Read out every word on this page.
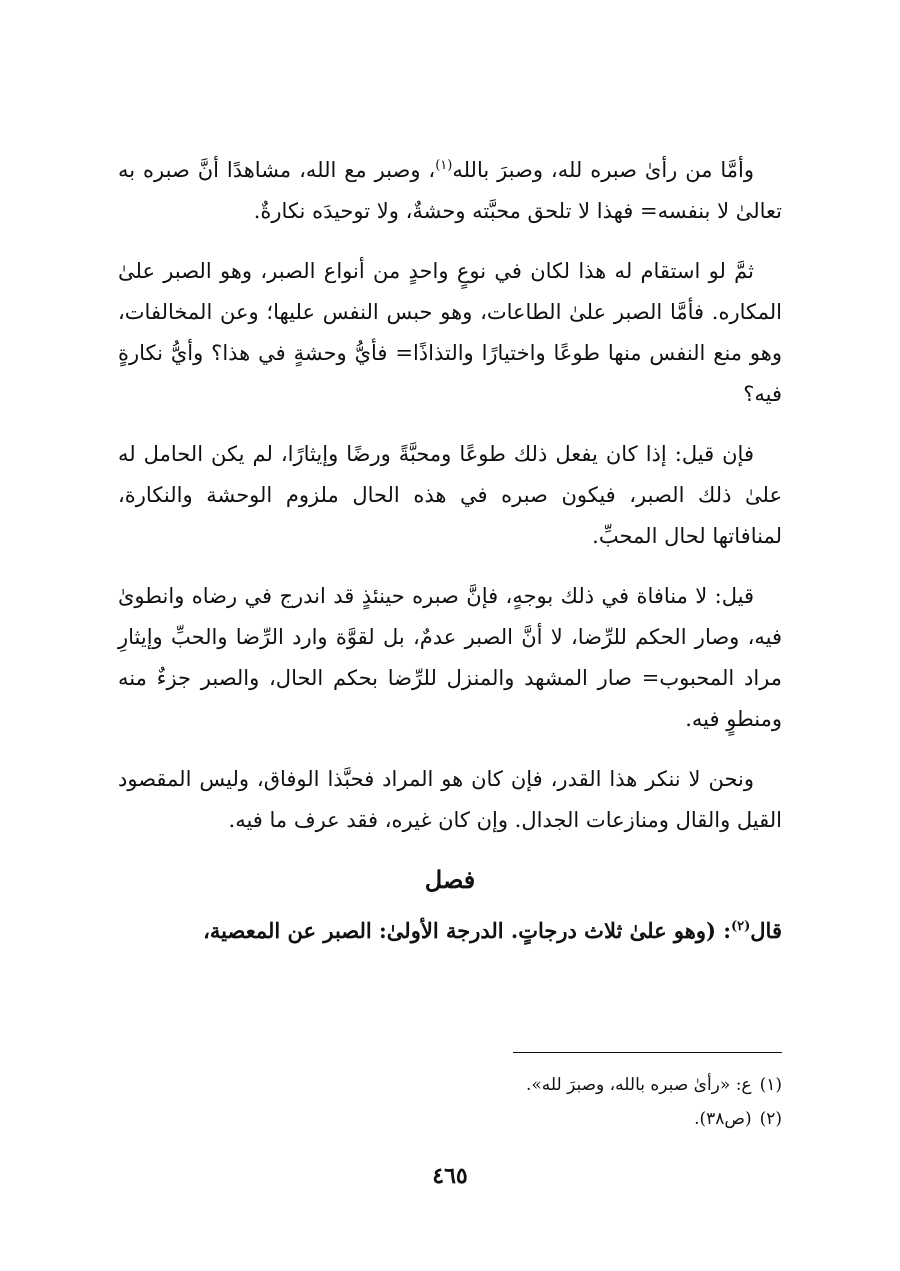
وأمَّا من رأىٰ صبره لله، وصبرَ بالله$^{(١)}$، وصبر مع الله، مشاهدًا أنَّ صبره به تعالىٰ لا بنفسه= فهذا لا تلحق محبَّته وحشةٌ، ولا توحيدَه نكارةٌ.

ثمَّ لو استقام له هذا لكان في نوعٍ واحدٍ من أنواع الصبر، وهو الصبر علىٰ المكاره. فأمَّا الصبر علىٰ الطاعات، وهو حبس النفس عليها؛ وعن المخالفات، وهو منع النفس منها طوعًا واختيارًا والتذاذًا= فأيُّ وحشةٍ في هذا؟ وأيُّ نكارةٍ فيه؟

فإن قيل: إذا كان يفعل ذلك طوعًا ومحبَّةً ورضًا وإيثارًا، لم يكن الحامل له علىٰ ذلك الصبر، فيكون صبره في هذه الحال ملزوم الوحشة والنكارة، لمنافاتها لحال المحبِّ.

قيل: لا منافاة في ذلك بوجهٍ، فإنَّ صبره حينئذٍ قد اندرج في رضاه وانطوىٰ فيه، وصار الحكم للرِّضا، لا أنَّ الصبر عدمٌ، بل لقوَّة وارد الرِّضا والحبِّ وإيثارِ مراد المحبوب= صار المشهد والمنزل للرِّضا بحكم الحال، والصبر جزءٌ منه ومنطوٍ فيه.

ونحن لا ننكر هذا القدر، فإن كان هو المراد فحبَّذا الوفاق، وليس المقصود القيل والقال ومنازعات الجدال. وإن كان غيره، فقد عرف ما فيه.

فصل

قال$^{(٢)}$: (وهو علىٰ ثلاث درجاتٍ. الدرجة الأولىٰ: الصبر عن المعصية،

(١)ع: «رأىٰ صبره بالله، وصبرَ لله».
(٢)(ص٣٨).
٤٦٥
